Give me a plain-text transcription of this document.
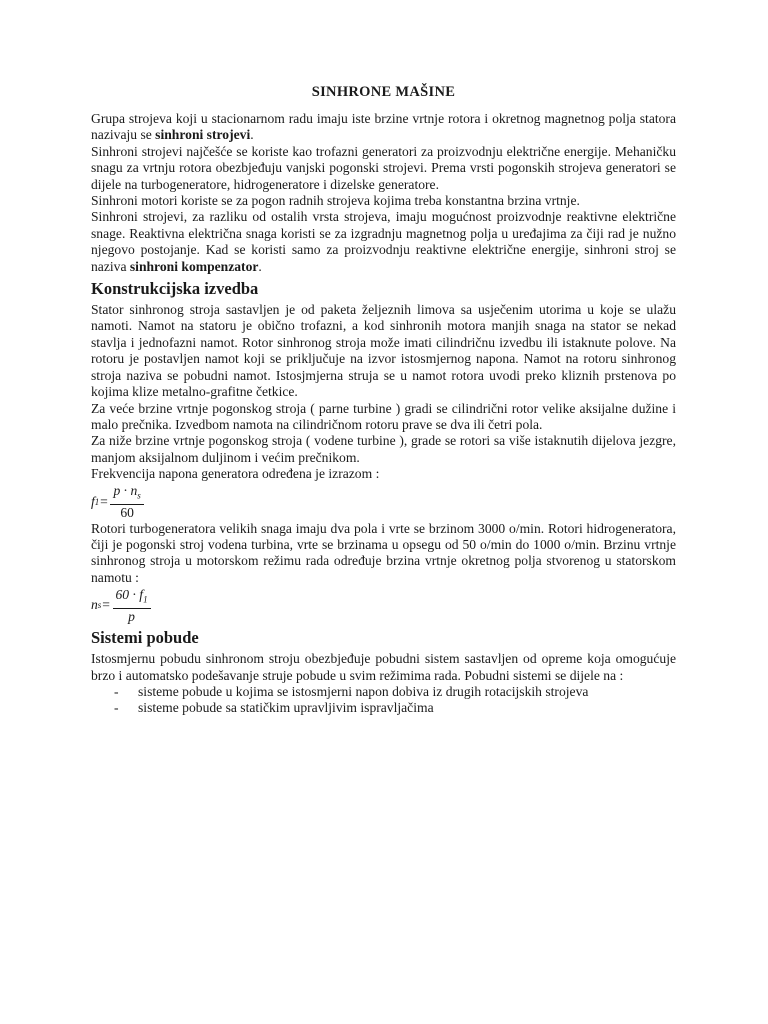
SINHRONE MAŠINE

Grupa strojeva koji u stacionarnom radu imaju iste brzine vrtnje rotora i okretnog magnetnog polja statora nazivaju se sinhroni strojevi.

Sinhroni strojevi najčešće se koriste kao trofazni generatori za proizvodnju električne energije. Mehaničku snagu za vrtnju rotora obezbjeđuju vanjski pogonski strojevi. Prema vrsti pogonskih strojeva generatori se dijele na turbogeneratore, hidrogeneratore i dizelske generatore.

Sinhroni motori koriste se za pogon radnih strojeva kojima treba konstantna brzina vrtnje.

Sinhroni strojevi, za razliku od ostalih vrsta strojeva, imaju mogućnost proizvodnje reaktivne električne snage. Reaktivna električna snaga koristi se za izgradnju magnetnog polja u uređajima za čiji rad je nužno njegovo postojanje. Kad se koristi samo za proizvodnju reaktivne električne energije, sinhroni stroj se naziva sinhroni kompenzator.

Konstrukcijska izvedba

Stator sinhronog stroja sastavljen je od paketa željeznih limova sa usječenim utorima u koje se ulažu namoti. Namot na statoru je obično trofazni, a kod sinhronih motora manjih snaga na stator se nekad stavlja i jednofazni namot. Rotor sinhronog stroja može imati cilindričnu izvedbu ili istaknute polove. Na rotoru je postavljen namot koji se priključuje na izvor istosmjernog napona. Namot na rotoru sinhronog stroja naziva se pobudni namot. Istosjmjerna struja se u namot rotora uvodi preko kliznih prstenova po kojima klize metalno-grafitne četkice.

Za veće brzine vrtnje pogonskog stroja ( parne turbine ) gradi se cilindrični rotor velike aksijalne dužine i malo prečnika. Izvedbom namota na cilindričnom rotoru prave se dva ili četri pola.

Za niže brzine vrtnje pogonskog stroja ( vodene turbine ), grade se rotori sa više istaknutih dijelova jezgre, manjom aksijalnom duljinom i većim prečnikom.

Frekvencija napona generatora određena je izrazom :

f $1 = \frac{p \cdot n_s}{60}$

Rotori turbogeneratora velikih snaga imaju dva pola i vrte se brzinom 3000 o/min. Rotori hidrogeneratora, čiji je pogonski stroj vodena turbina, vrte se brzinama u opsegu od 50 o/min do 1000 o/min. Brzinu vrtnje sinhronog stroja u motorskom režimu rada određuje brzina vrtnje okretnog polja stvorenog u statorskom namotu :

n $s = \frac{60 \cdot f_1}{p}$
Sistemi pobude

Istosmjernu pobudu sinhronom stroju obezbjeđuje pobudni sistem sastavljen od opreme koja omogućuje brzo i automatsko podešavanje struje pobude u svim režimima rada. Pobudni sistemi se dijele na :

-	sisteme pobude u kojima se istosmjerni napon dobiva iz drugih rotacijskih strojeva
-	sisteme pobude sa statičkim upravljivim ispravljačima
